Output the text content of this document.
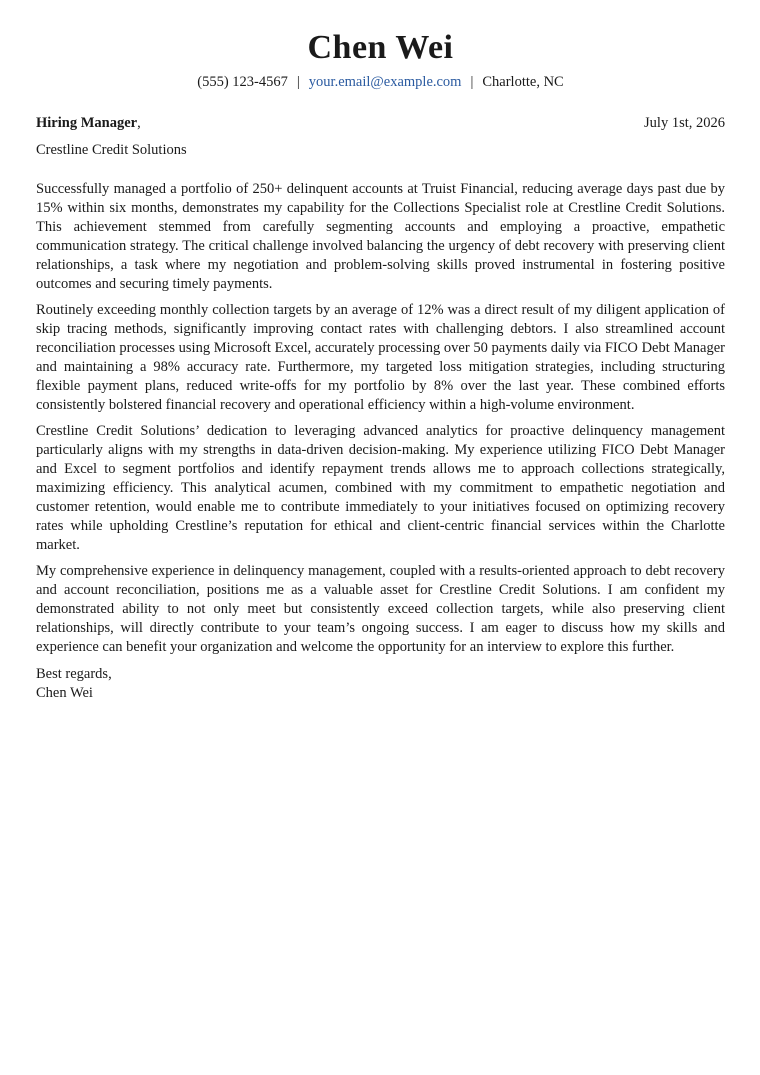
Chen Wei
(555) 123-4567 | your.email@example.com | Charlotte, NC
Hiring Manager,	July 1st, 2026
Crestline Credit Solutions

Successfully managed a portfolio of 250+ delinquent accounts at Truist Financial, reducing average days past due by 15% within six months, demonstrates my capability for the Collections Specialist role at Crestline Credit Solutions. This achievement stemmed from carefully segmenting accounts and employing a proactive, empathetic communication strategy. The critical challenge involved balancing the urgency of debt recovery with preserving client relationships, a task where my negotiation and problem-solving skills proved instrumental in fostering positive outcomes and securing timely payments.

Routinely exceeding monthly collection targets by an average of 12% was a direct result of my diligent application of skip tracing methods, significantly improving contact rates with challenging debtors. I also streamlined account reconciliation processes using Microsoft Excel, accurately processing over 50 payments daily via FICO Debt Manager and maintaining a 98% accuracy rate. Furthermore, my targeted loss mitigation strategies, including structuring flexible payment plans, reduced write-offs for my portfolio by 8% over the last year. These combined efforts consistently bolstered financial recovery and operational efficiency within a high-volume environment.

Crestline Credit Solutions’ dedication to leveraging advanced analytics for proactive delinquency management particularly aligns with my strengths in data-driven decision-making. My experience utilizing FICO Debt Manager and Excel to segment portfolios and identify repayment trends allows me to approach collections strategically, maximizing efficiency. This analytical acumen, combined with my commitment to empathetic negotiation and customer retention, would enable me to contribute immediately to your initiatives focused on optimizing recovery rates while upholding Crestline’s reputation for ethical and client-centric financial services within the Charlotte market.

My comprehensive experience in delinquency management, coupled with a results-oriented approach to debt recovery and account reconciliation, positions me as a valuable asset for Crestline Credit Solutions. I am confident my demonstrated ability to not only meet but consistently exceed collection targets, while also preserving client relationships, will directly contribute to your team’s ongoing success. I am eager to discuss how my skills and experience can benefit your organization and welcome the opportunity for an interview to explore this further.

Best regards,
Chen Wei
